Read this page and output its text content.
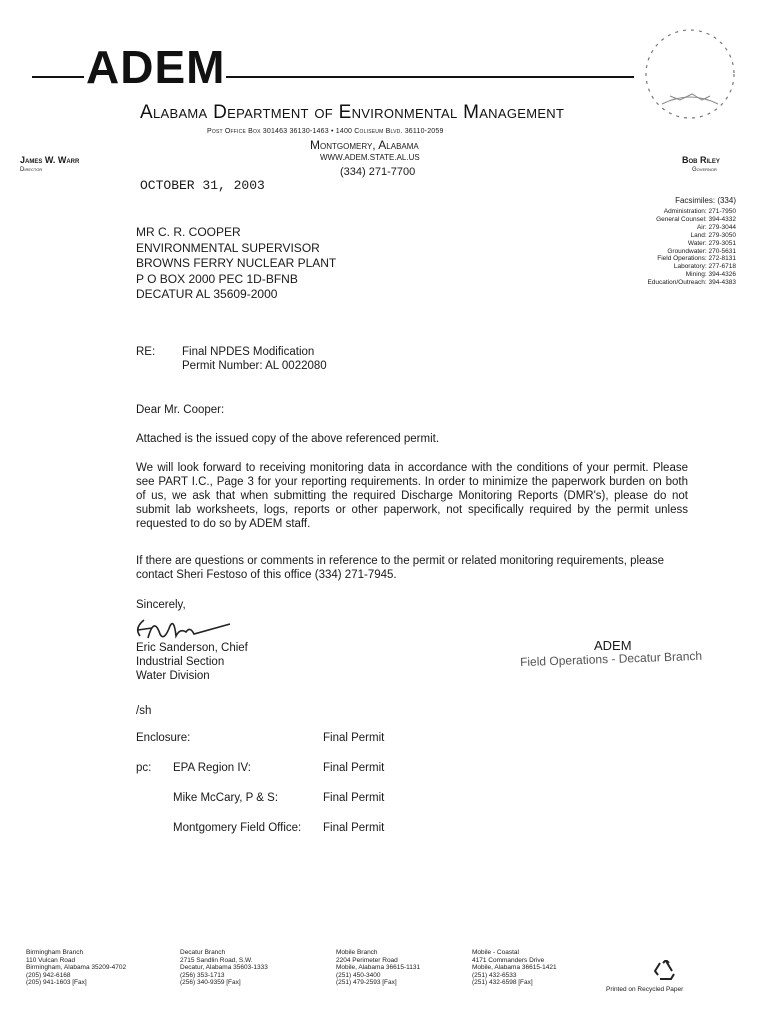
ADEM
Alabama Department of Environmental Management
Post Office Box 301463 36130-1463 • 1400 Coliseum Blvd. 36110-2059
Montgomery, Alabama
WWW.ADEM.STATE.AL.US
(334) 271-7700
James W. Warr
Director
Bob Riley
Governor
OCTOBER 31, 2003
Facsimiles: (334)
Administration: 271-7950
General Counsel: 394-4332
Air: 279-3044
Land: 279-3050
Water: 279-3051
Groundwater: 270-5631
Field Operations: 272-8131
Laboratory: 277-6718
Mining: 394-4326
Education/Outreach: 394-4383
MR C. R. COOPER
ENVIRONMENTAL SUPERVISOR
BROWNS FERRY NUCLEAR PLANT
P O BOX 2000 PEC 1D-BFNB
DECATUR AL 35609-2000
RE: Final NPDES Modification
Permit Number: AL 0022080
Dear Mr. Cooper:
Attached is the issued copy of the above referenced permit.
We will look forward to receiving monitoring data in accordance with the conditions of your permit. Please see PART I.C., Page 3 for your reporting requirements. In order to minimize the paperwork burden on both of us, we ask that when submitting the required Discharge Monitoring Reports (DMR's), please do not submit lab worksheets, logs, reports or other paperwork, not specifically required by the permit unless requested to do so by ADEM staff.
If there are questions or comments in reference to the permit or related monitoring requirements, please contact Sheri Festoso of this office (334) 271-7945.
Sincerely,
Eric Sanderson, Chief
Industrial Section
Water Division
ADEM
Field Operations - Decatur Branch
/sh
Enclosure:	Final Permit
pc: EPA Region IV:	Final Permit
Mike McCary, P & S:	Final Permit
Montgomery Field Office: Final Permit
Birmingham Branch
110 Vulcan Road
Birmingham, Alabama 35209-4702
(205) 942-6168
(205) 941-1603 [Fax]
Decatur Branch
2715 Sandlin Road, S.W.
Decatur, Alabama 35603-1333
(256) 353-1713
(256) 340-9359 [Fax]
Mobile Branch
2204 Perimeter Road
Mobile, Alabama 36615-1131
(251) 450-3400
(251) 479-2593 [Fax]
Mobile - Coastal
4171 Commanders Drive
Mobile, Alabama 36615-1421
(251) 432-6533
(251) 432-6598 [Fax]
Printed on Recycled Paper
